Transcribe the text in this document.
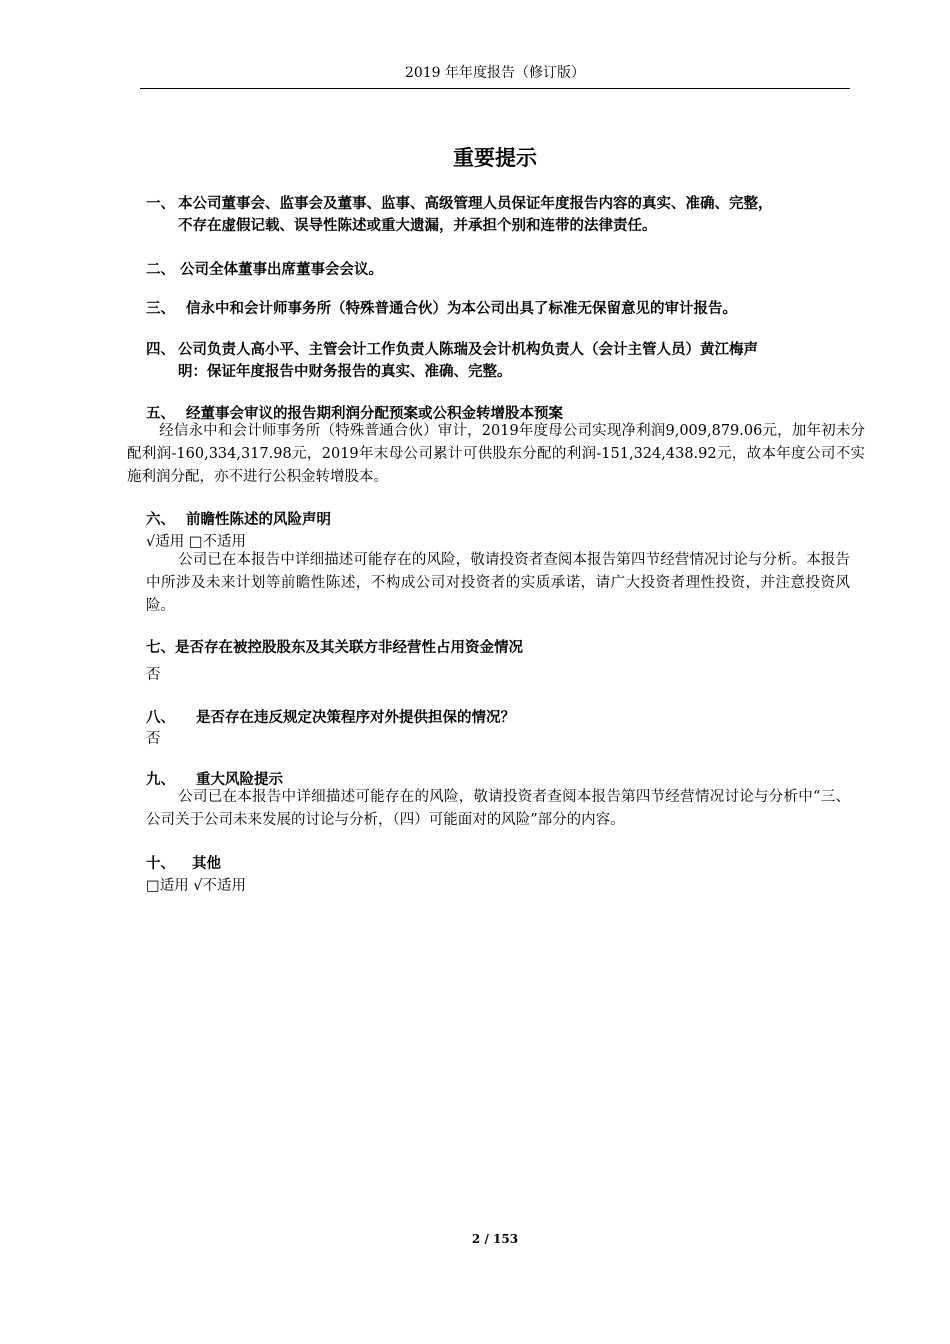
2019 年年度报告（修订版）
重要提示
一、 本公司董事会、监事会及董事、监事、高级管理人员保证年度报告内容的真实、准确、完整，
不存在虚假记载、误导性陈述或重大遗漏，并承担个别和连带的法律责任。
二、 公司全体董事出席董事会会议。
三、 信永中和会计师事务所（特殊普通合伙）为本公司出具了标准无保留意见的审计报告。
四、 公司负责人高小平、主管会计工作负责人陈瑞及会计机构负责人（会计主管人员）黄江梅声
明：保证年度报告中财务报告的真实、准确、完整。
五、 经董事会审议的报告期利润分配预案或公积金转增股本预案
经信永中和会计师事务所（特殊普通合伙）审计，2019年度母公司实现净利润9,009,879.06元，加年初未分配利润-160,334,317.98元，2019年末母公司累计可供股东分配的利润-151,324,438.92元，故本年度公司不实施利润分配，亦不进行公积金转增股本。
六、 前瞻性陈述的风险声明
√适用 □不适用
公司已在本报告中详细描述可能存在的风险，敬请投资者查阅本报告第四节经营情况讨论与分析。本报告中所涉及未来计划等前瞻性陈述，不构成公司对投资者的实质承诺，请广大投资者理性投资，并注意投资风险。
七、是否存在被控股股东及其关联方非经营性占用资金情况
否
八、 是否存在违反规定决策程序对外提供担保的情况？
否
九、 重大风险提示
公司已在本报告中详细描述可能存在的风险，敬请投资者查阅本报告第四节经营情况讨论与分析中“三、公司关于公司未来发展的讨论与分析，（四）可能面对的风险”部分的内容。
十、 其他
□适用 √不适用
2 / 153
